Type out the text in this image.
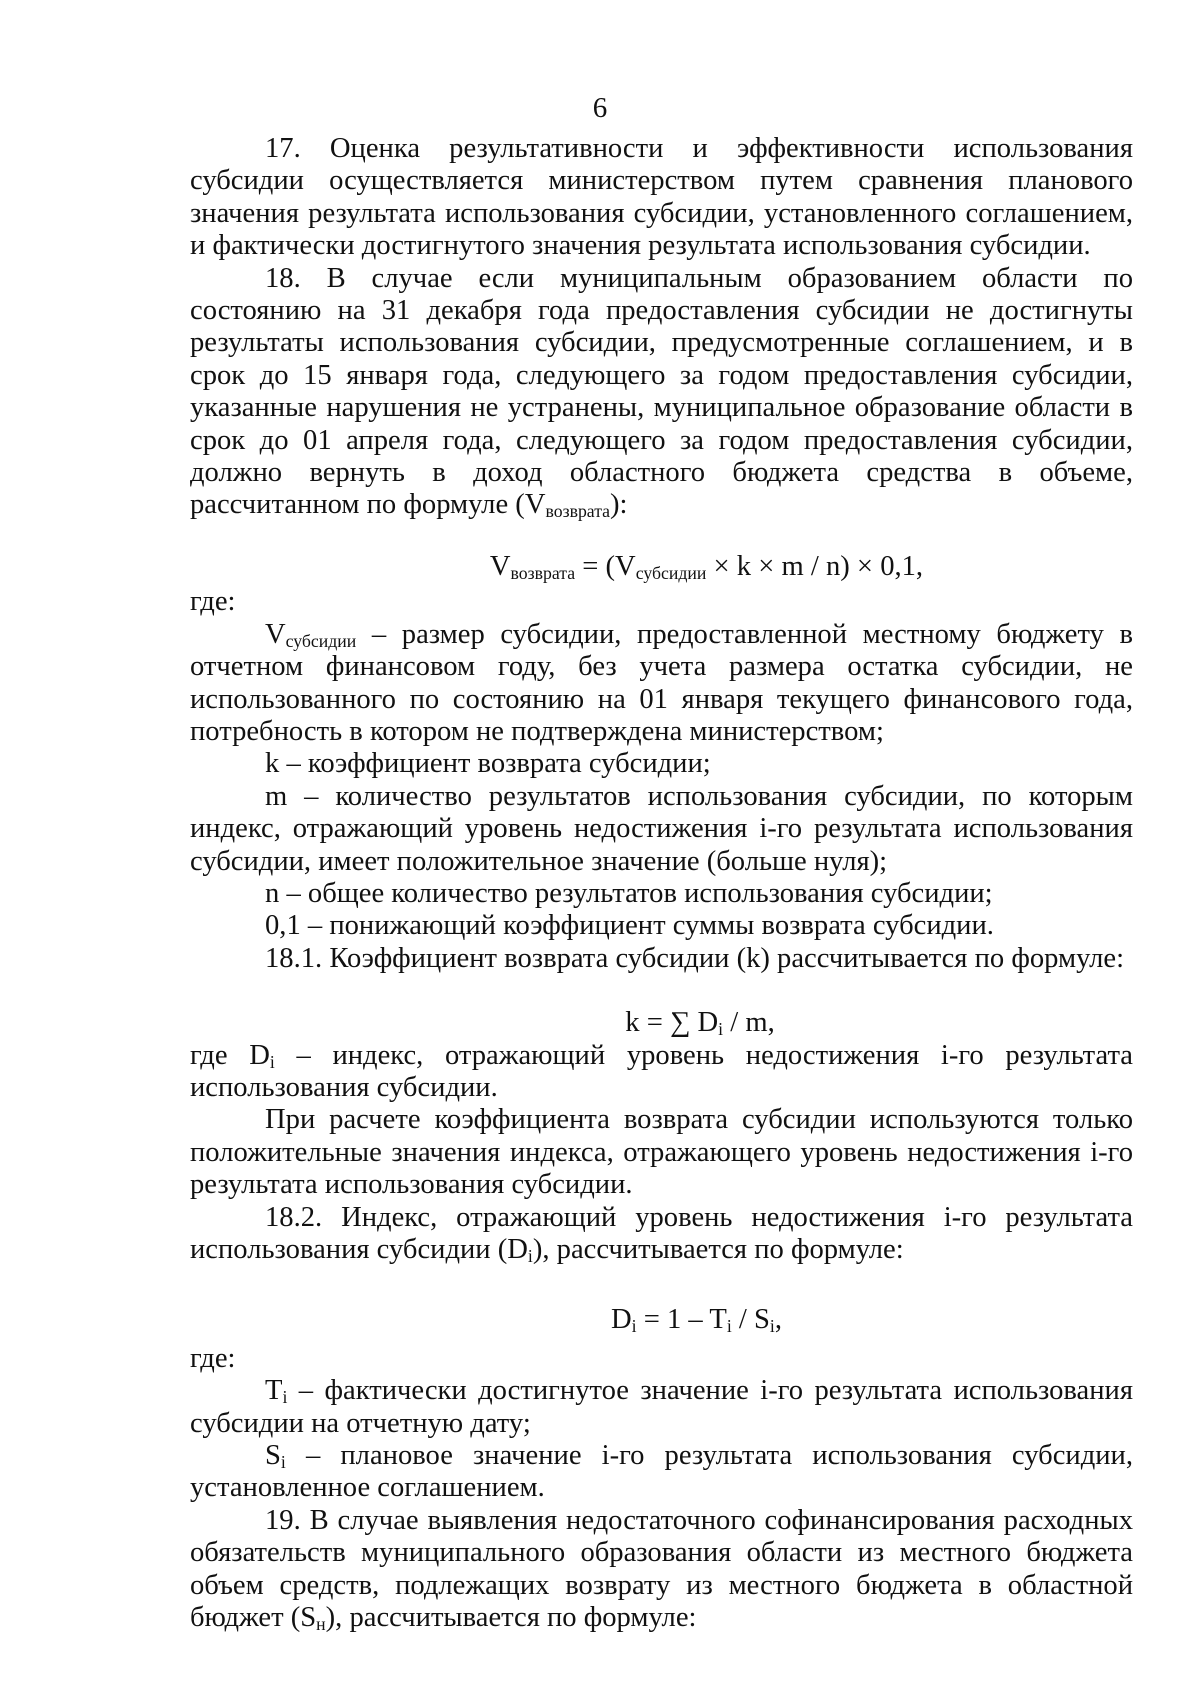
6

17. Оценка результативности и эффективности использования субсидии осуществляется министерством путем сравнения планового значения результата использования субсидии, установленного соглашением, и фактически достигнутого значения результата использования субсидии.

18. В случае если муниципальным образованием области по состоянию на 31 декабря года предоставления субсидии не достигнуты результаты использования субсидии, предусмотренные соглашением, и в срок до 15 января года, следующего за годом предоставления субсидии, указанные нарушения не устранены, муниципальное образование области в срок до 01 апреля года, следующего за годом предоставления субсидии, должно вернуть в доход областного бюджета средства в объеме, рассчитанном по формуле $(V_{возврата})$:

$V_{возврата} = (V_{субсидии} \times k \times m / n) \times 0,1$,

где:

$V_{субсидии}$ – размер субсидии, предоставленной местному бюджету в отчетном финансовом году, без учета размера остатка субсидии, не использованного по состоянию на 01 января текущего финансового года, потребность в котором не подтверждена министерством;

k – коэффициент возврата субсидии;

m – количество результатов использования субсидии, по которым индекс, отражающий уровень недостижения i-го результата использования субсидии, имеет положительное значение (больше нуля);

n – общее количество результатов использования субсидии;

0,1 – понижающий коэффициент суммы возврата субсидии.

18.1. Коэффициент возврата субсидии (k) рассчитывается по формуле:

k = ∑ $D_i$ / m,

где $D_i$ – индекс, отражающий уровень недостижения i-го результата использования субсидии.

При расчете коэффициента возврата субсидии используются только положительные значения индекса, отражающего уровень недостижения i-го результата использования субсидии.

18.2. Индекс, отражающий уровень недостижения i-го результата использования субсидии $(D_i)$, рассчитывается по формуле:

$D_i = 1 - T_i / S_i$,

где:

$T_i$ – фактически достигнутое значение i-го результата использования субсидии на отчетную дату;

$S_i$ – плановое значение i-го результата использования субсидии, установленное соглашением.

19. В случае выявления недостаточного софинансирования расходных обязательств муниципального образования области из местного бюджета объем средств, подлежащих возврату из местного бюджета в областной бюджет $(S_н)$, рассчитывается по формуле:
